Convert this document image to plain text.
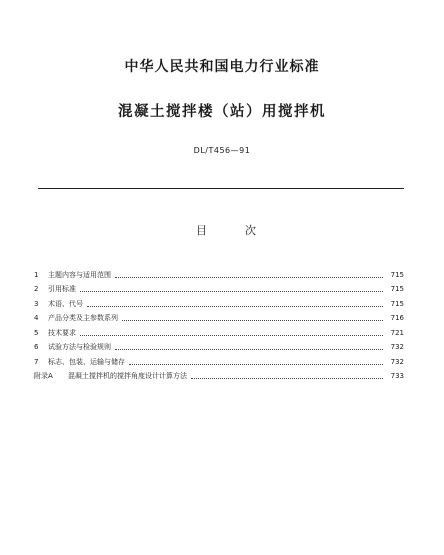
中华人民共和国电力行业标准
混凝土搅拌楼（站）用搅拌机
DL/T456—91
目	次
1	主题内容与适用范围	715
2	引用标准	715
3	术语、代号	715
4	产品分类及主参数系列	716
5	技术要求	721
6	试验方法与检验规则	732
7	标志、包装、运输与储存	732
附录A	混凝土搅拌机的搅拌角度设计计算方法	733
